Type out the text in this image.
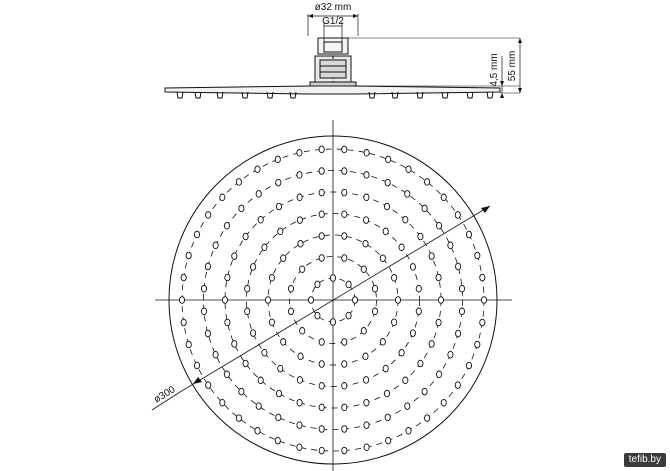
ø32 mm
G1/2
4,5 mm 55 mm
ø300
tefib.by
